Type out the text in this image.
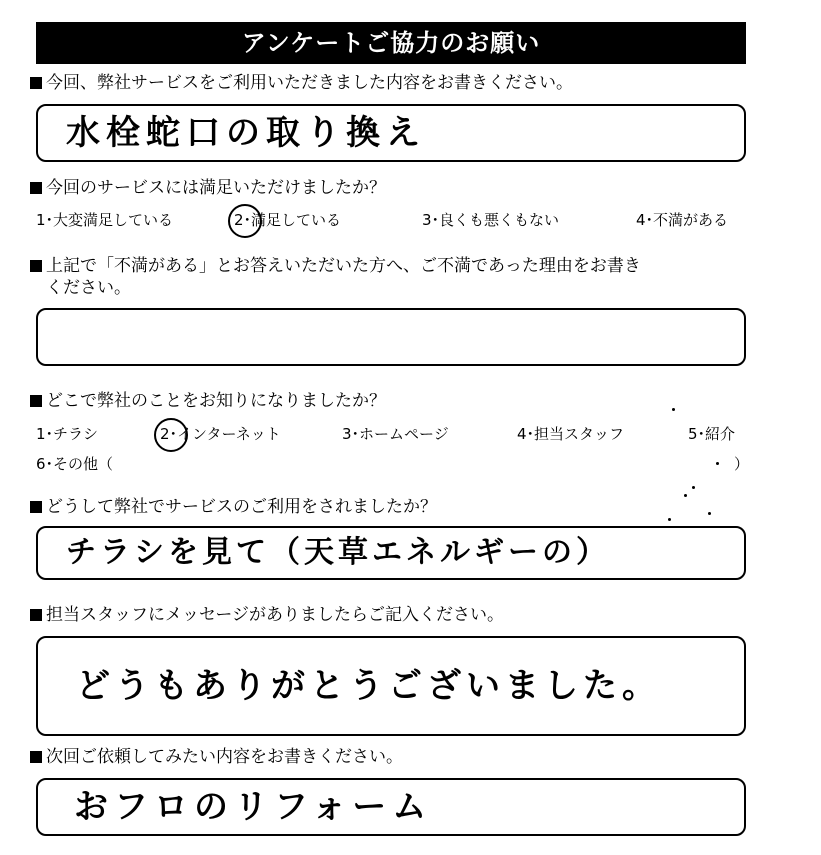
アンケートご協力のお願い
今回、弊社サービスをご利用いただきました内容をお書きください。
水栓蛇口の取り換え
今回のサービスには満足いただけましたか？
1･大変満足している	2･満足している	3･良くも悪くもない	4･不満がある
上記で「不満がある」とお答えいただいた方へ、ご不満であった理由をお書き
ください。
どこで弊社のことをお知りになりましたか？
1･チラシ	2･インターネット	3･ホームページ	4･担当スタッフ	5･紹介
6･その他（	）
どうして弊社でサービスのご利用をされましたか？
チラシを見て（天草エネルギーの）
担当スタッフにメッセージがありましたらご記入ください。
どうもありがとうございました。
次回ご依頼してみたい内容をお書きください。
おフロのリフォーム
